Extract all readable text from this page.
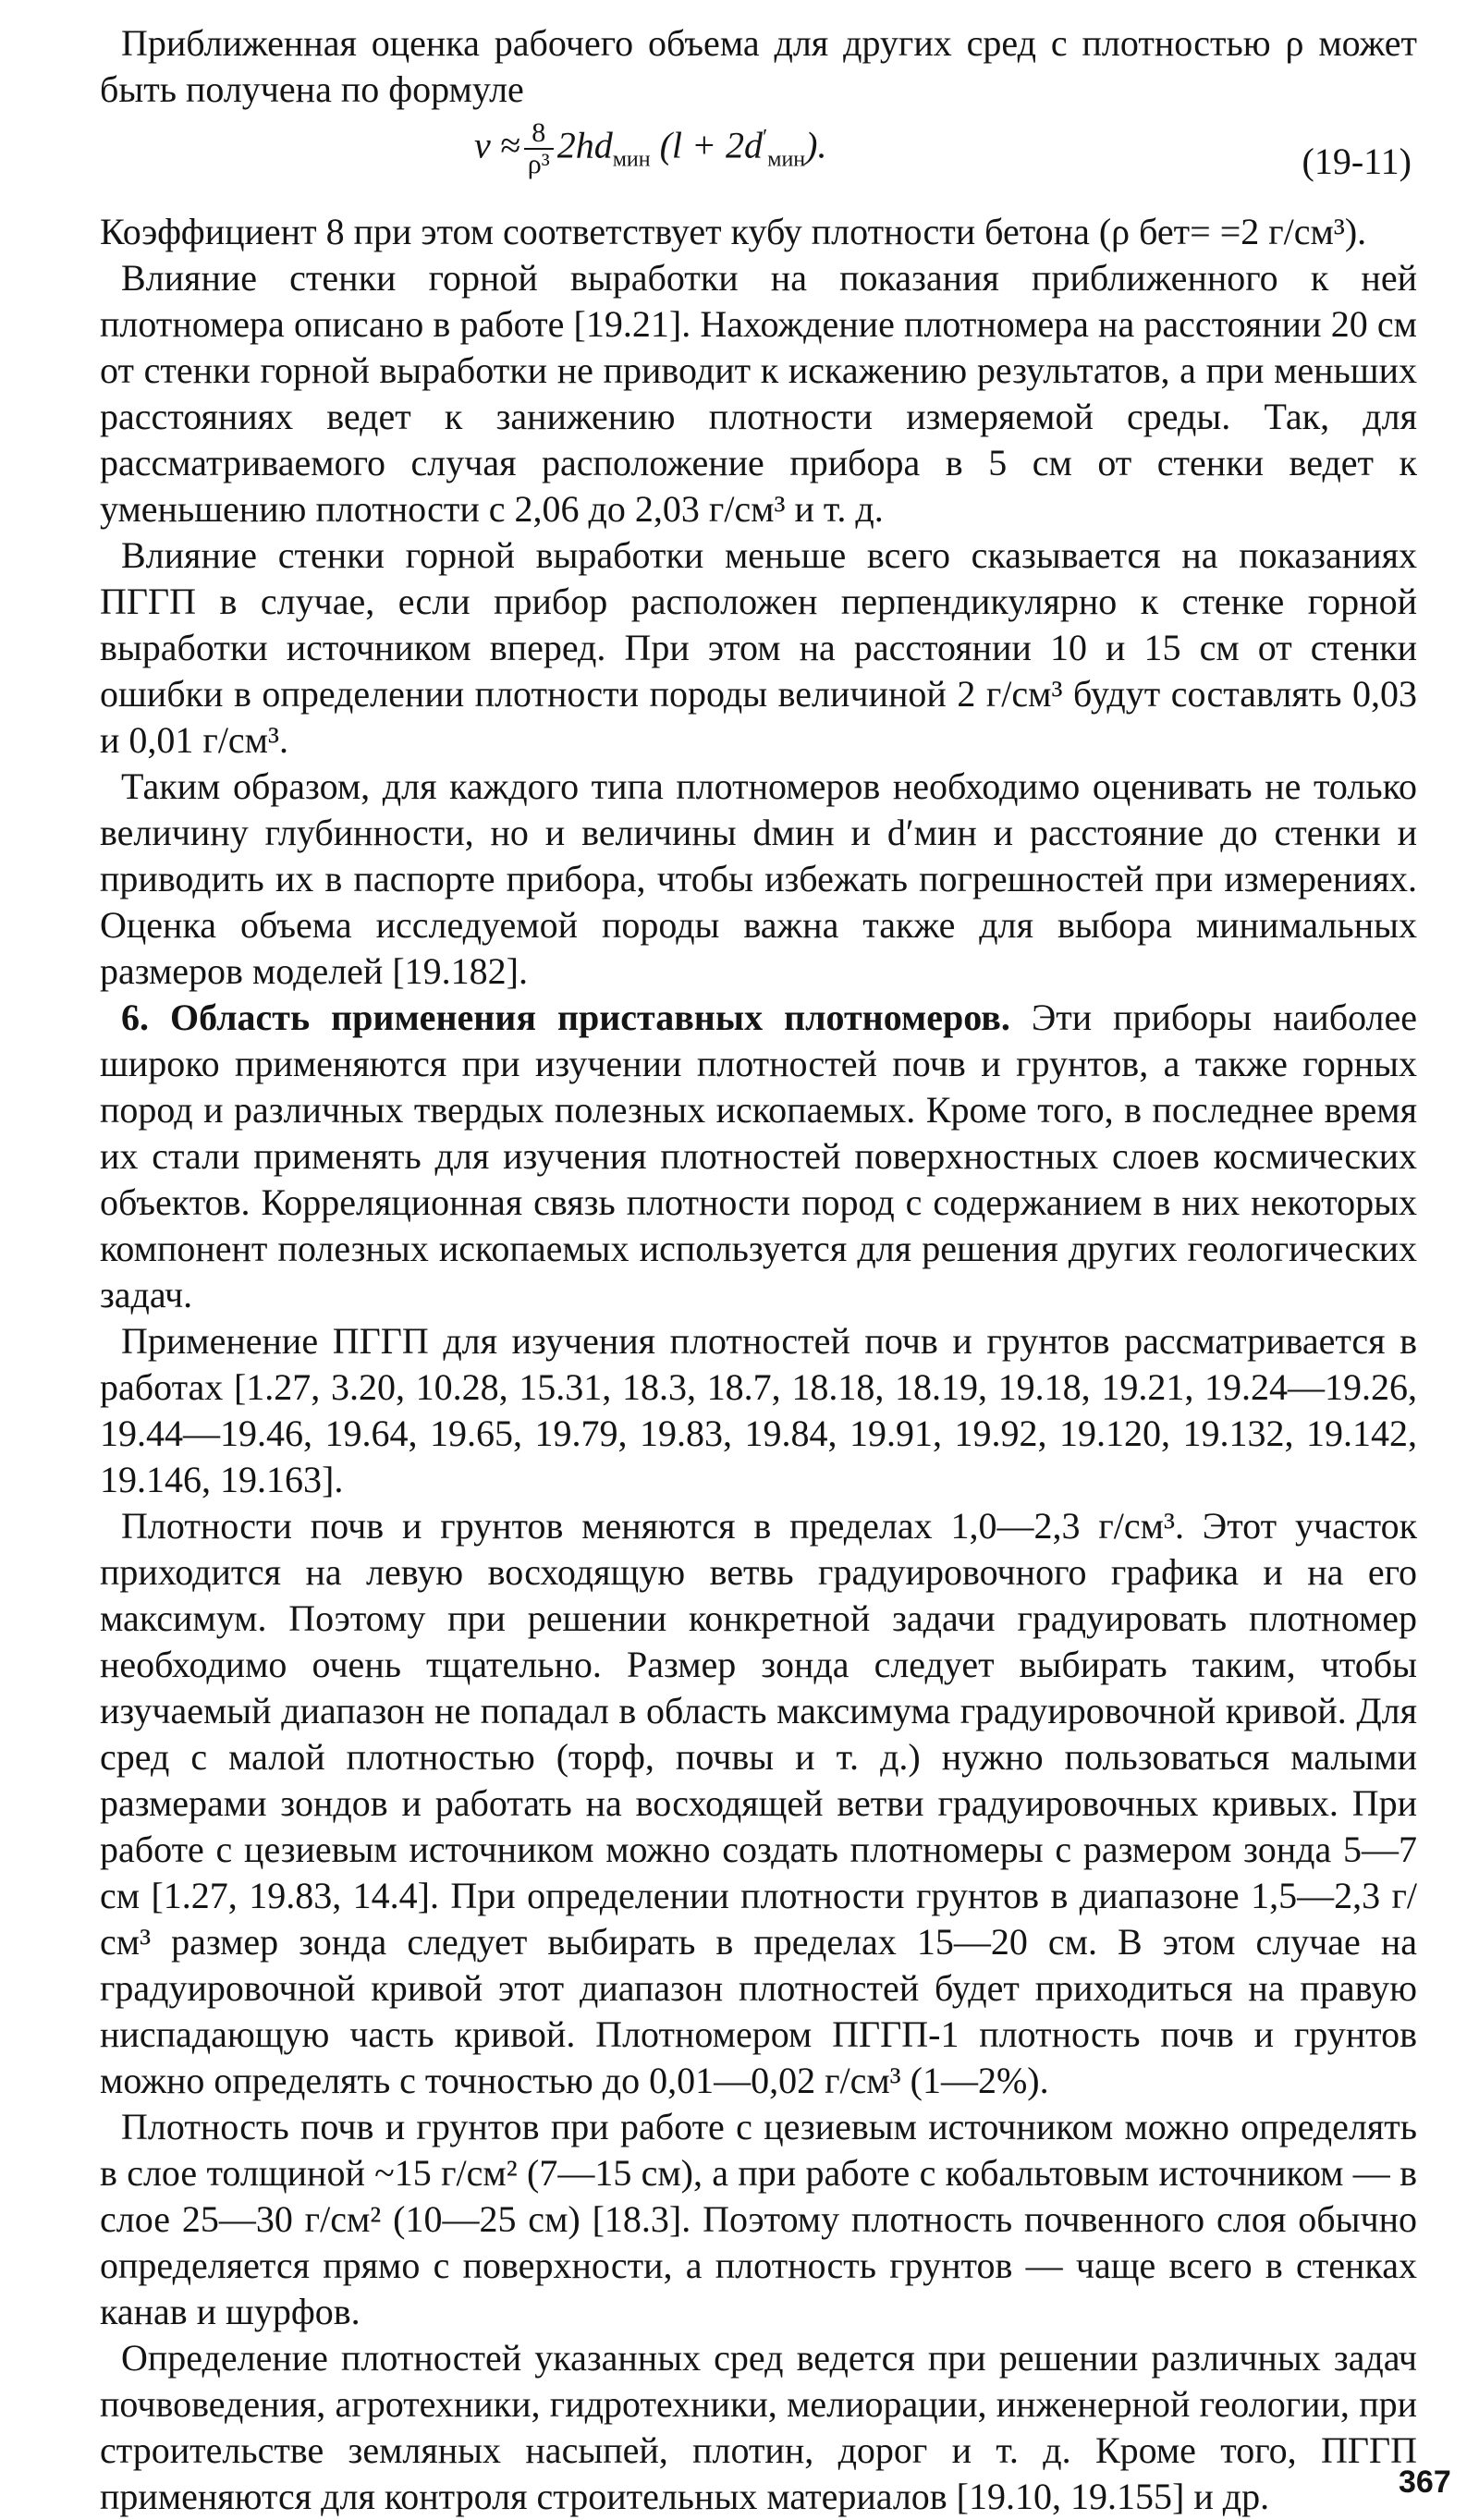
Приближенная оценка рабочего объема для других сред с плотностью ρ может быть получена по формуле

$v \approx \frac{8}{\text{ρ³}} 2hd_{мин}$ $(l + 2d'_{мин})$.	(19-11)

Коэффициент 8 при этом соответствует кубу плотности бетона (ρ бет= =2 г/см³).

Влияние стенки горной выработки на показания приближенного к ней плотномера описано в работе [19.21]. Нахождение плотномера на расстоянии 20 см от стенки горной выработки не приводит к искажению результатов, а при меньших расстояниях ведет к занижению плотности измеряемой среды. Так, для рассматриваемого случая расположение прибора в 5 см от стенки ведет к уменьшению плотности с 2,06 до 2,03 г/см³ и т. д.

Влияние стенки горной выработки меньше всего сказывается на показаниях ПГГП в случае, если прибор расположен перпендикулярно к стенке горной выработки источником вперед. При этом на расстоянии 10 и 15 см от стенки ошибки в определении плотности породы величиной 2 г/см³ будут составлять 0,03 и 0,01 г/см³.

Таким образом, для каждого типа плотномеров необходимо оценивать не только величину глубинности, но и величины dмин и d′мин и расстояние до стенки и приводить их в паспорте прибора, чтобы избежать погрешностей при измерениях. Оценка объема исследуемой породы важна также для выбора минимальных размеров моделей [19.182].

6. Область применения приставных плотномеров. Эти приборы наиболее широко применяются при изучении плотностей почв и грунтов, а также горных пород и различных твердых полезных ископаемых. Кроме того, в последнее время их стали применять для изучения плотностей поверхностных слоев космических объектов. Корреляционная связь плотности пород с содержанием в них некоторых компонент полезных ископаемых используется для решения других геологических задач.

Применение ПГГП для изучения плотностей почв и грунтов рассматривается в работах [1.27, 3.20, 10.28, 15.31, 18.3, 18.7, 18.18, 18.19, 19.18, 19.21, 19.24—19.26, 19.44—19.46, 19.64, 19.65, 19.79, 19.83, 19.84, 19.91, 19.92, 19.120, 19.132, 19.142, 19.146, 19.163].

Плотности почв и грунтов меняются в пределах 1,0—2,3 г/см³. Этот участок приходится на левую восходящую ветвь градуировочного графика и на его максимум. Поэтому при решении конкретной задачи градуировать плотномер необходимо очень тщательно. Размер зонда следует выбирать таким, чтобы изучаемый диапазон не попадал в область максимума градуировочной кривой. Для сред с малой плотностью (торф, почвы и т. д.) нужно пользоваться малыми размерами зондов и работать на восходящей ветви градуировочных кривых. При работе с цезиевым источником можно создать плотномеры с размером зонда 5—7 см [1.27, 19.83, 14.4]. При определении плотности грунтов в диапазоне 1,5—2,3 г/см³ размер зонда следует выбирать в пределах 15—20 см. В этом случае на градуировочной кривой этот диапазон плотностей будет приходиться на правую ниспадающую часть кривой. Плотномером ПГГП-1 плотность почв и грунтов можно определять с точностью до 0,01—0,02 г/см³ (1—2%).

Плотность почв и грунтов при работе с цезиевым источником можно определять в слое толщиной ~15 г/см² (7—15 см), а при работе с кобальтовым источником — в слое 25—30 г/см² (10—25 см) [18.3]. Поэтому плотность почвенного слоя обычно определяется прямо с поверхности, а плотность грунтов — чаще всего в стенках канав и шурфов.

Определение плотностей указанных сред ведется при решении различных задач почвоведения, агротехники, гидротехники, мелиорации, инженерной геологии, при строительстве земляных насыпей, плотин, дорог и т. д. Кроме того, ПГГП применяются для контроля строительных материалов [19.10, 19.155] и др.	367
